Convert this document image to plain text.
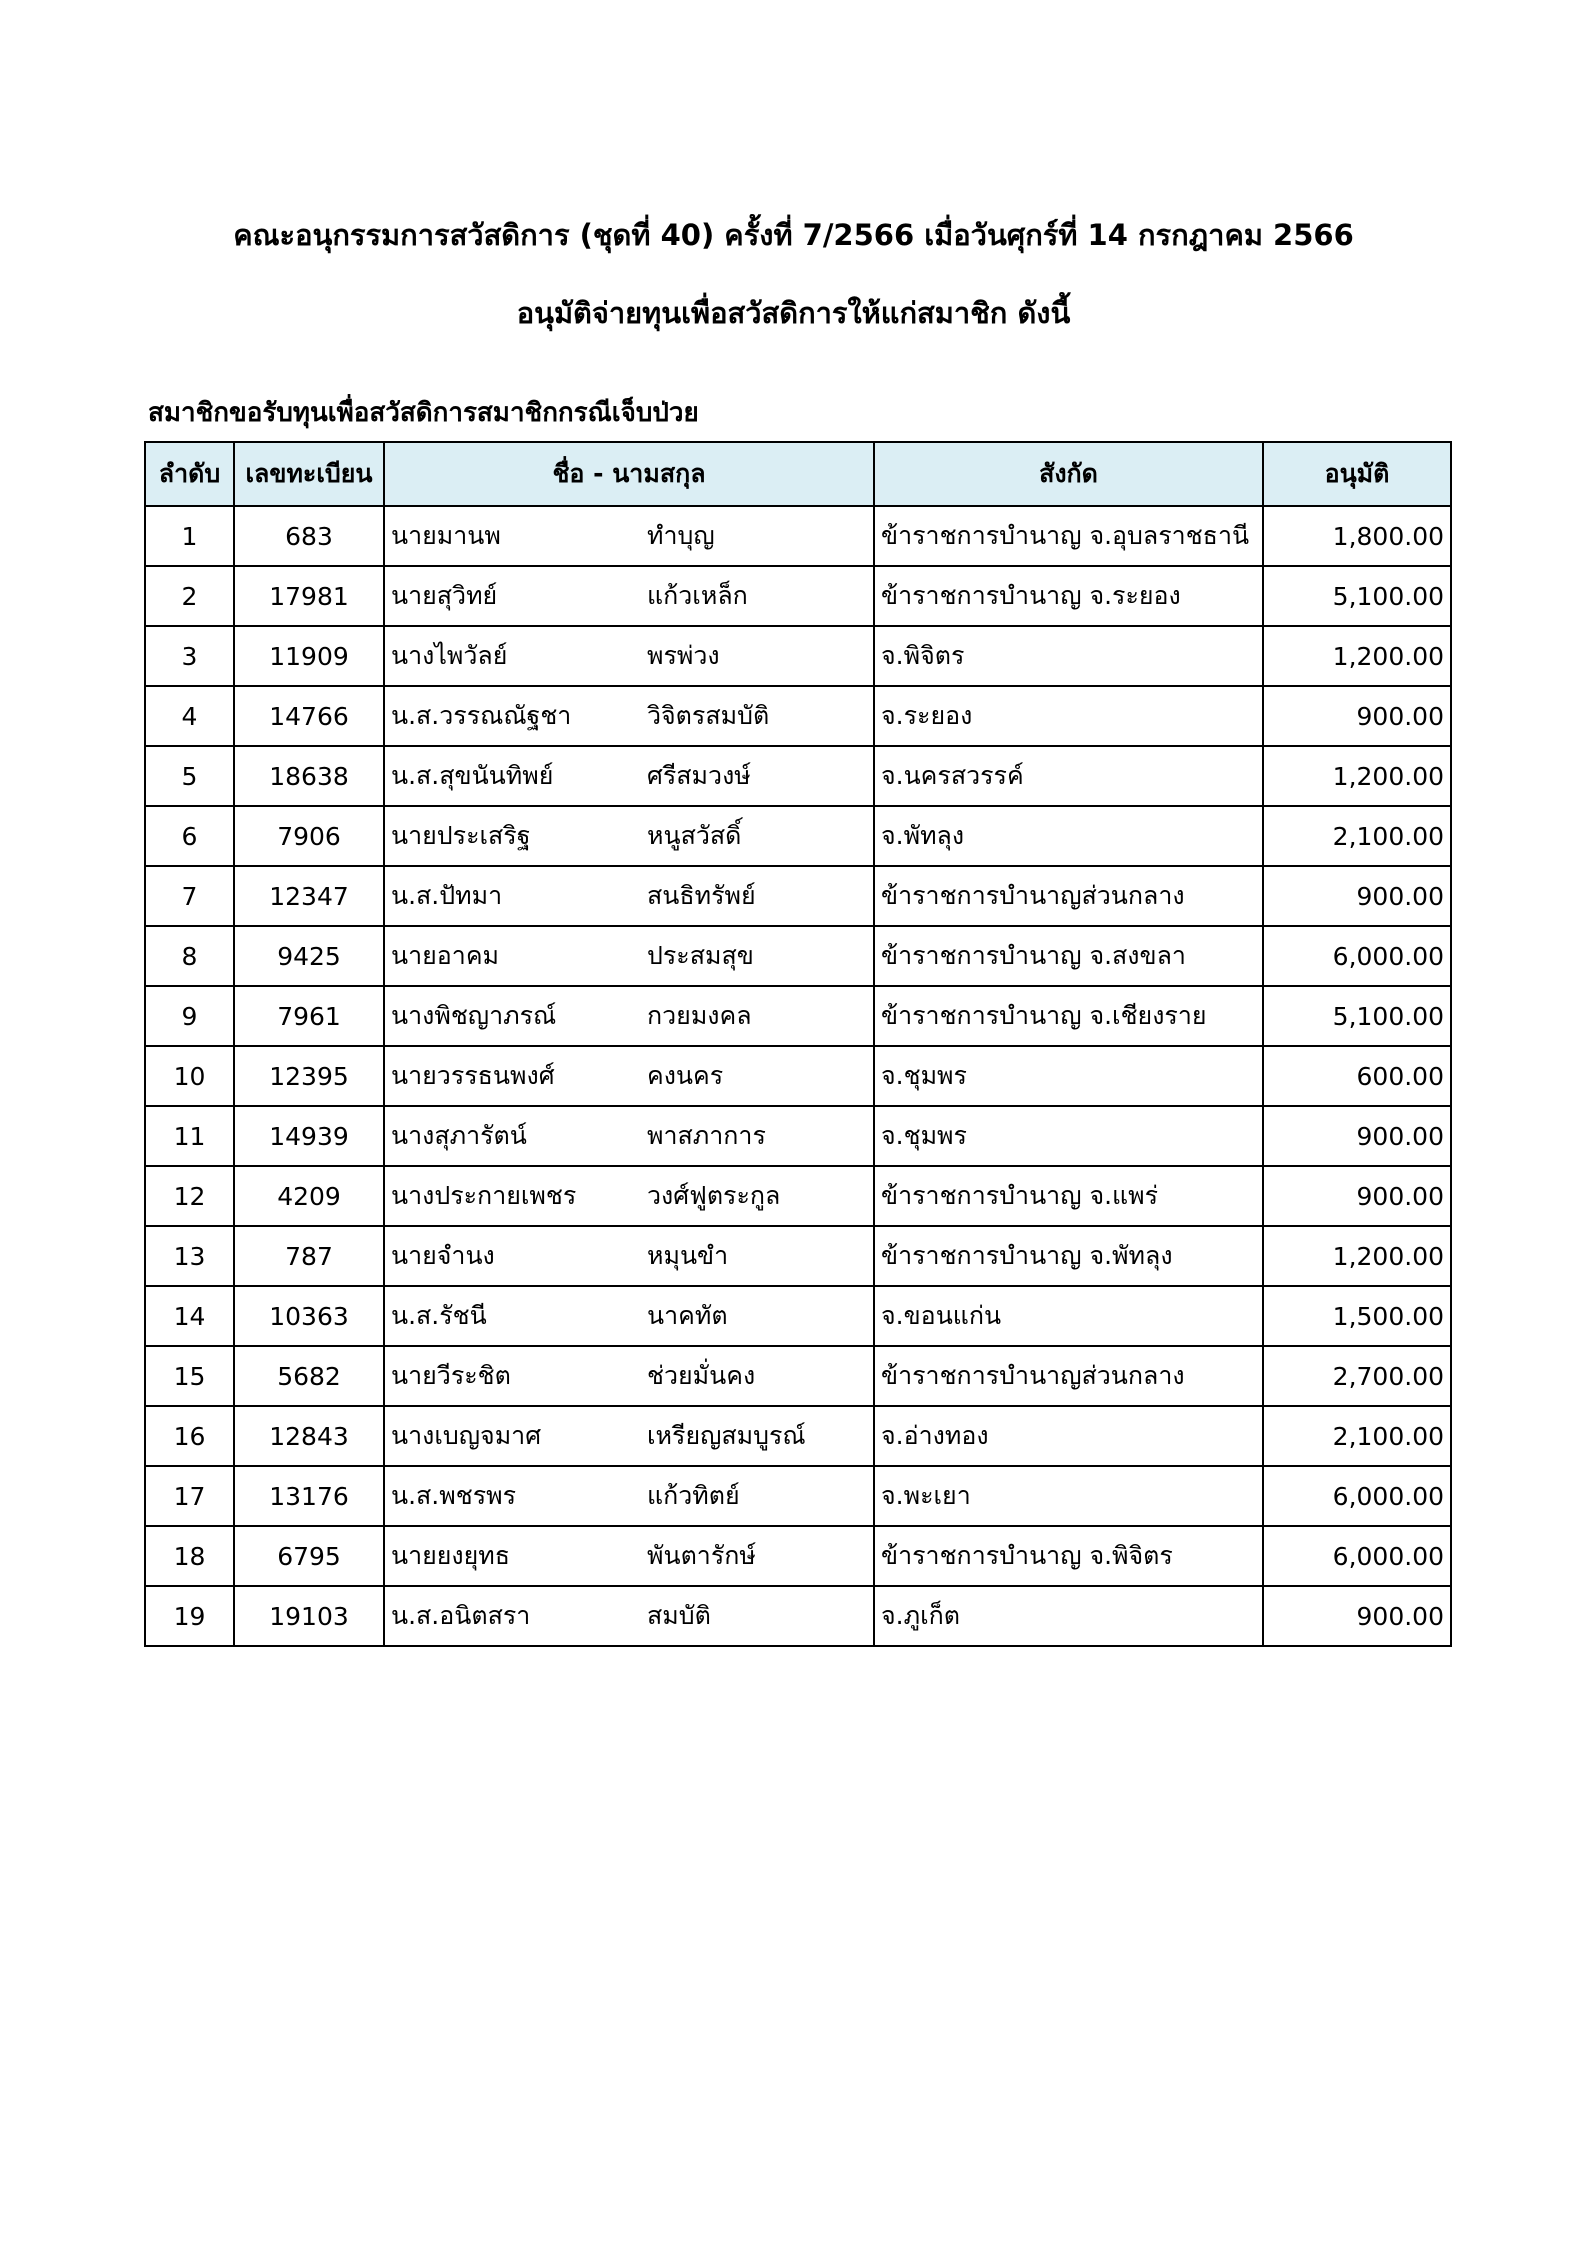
คณะอนุกรรมการสวัสดิการ (ชุดที่ 40) ครั้งที่ 7/2566 เมื่อวันศุกร์ที่ 14 กรกฎาคม 2566
อนุมัติจ่ายทุนเพื่อสวัสดิการให้แก่สมาชิก ดังนี้
สมาชิกขอรับทุนเพื่อสวัสดิการสมาชิกกรณีเจ็บป่วย
ลำดับ	เลขทะเบียน	ชื่อ - นามสกุล	สังกัด	อนุมัติ
1	683	นายมานพ ทำบุญ	ข้าราชการบำนาญ จ.อุบลราชธานี	1,800.00
2	17981	นายสุวิทย์ แก้วเหล็ก	ข้าราชการบำนาญ จ.ระยอง	5,100.00
3	11909	นางไพวัลย์ พรพ่วง	จ.พิจิตร	1,200.00
4	14766	น.ส.วรรณณัฐชา วิจิตรสมบัติ	จ.ระยอง	900.00
5	18638	น.ส.สุขนันทิพย์ ศรีสมวงษ์	จ.นครสวรรค์	1,200.00
6	7906	นายประเสริฐ หนูสวัสดิ์	จ.พัทลุง	2,100.00
7	12347	น.ส.ปัทมา สนธิทรัพย์	ข้าราชการบำนาญส่วนกลาง	900.00
8	9425	นายอาคม ประสมสุข	ข้าราชการบำนาญ จ.สงขลา	6,000.00
9	7961	นางพิชญาภรณ์ กวยมงคล	ข้าราชการบำนาญ จ.เชียงราย	5,100.00
10	12395	นายวรรธนพงศ์ คงนคร	จ.ชุมพร	600.00
11	14939	นางสุภารัตน์ พาสภาการ	จ.ชุมพร	900.00
12	4209	นางประกายเพชร วงศ์ฟูตระกูล	ข้าราชการบำนาญ จ.แพร่	900.00
13	787	นายจำนง หมุนขำ	ข้าราชการบำนาญ จ.พัทลุง	1,200.00
14	10363	น.ส.รัชนี นาคทัต	จ.ขอนแก่น	1,500.00
15	5682	นายวีระชิต ช่วยมั่นคง	ข้าราชการบำนาญส่วนกลาง	2,700.00
16	12843	นางเบญจมาศ เหรียญสมบูรณ์	จ.อ่างทอง	2,100.00
17	13176	น.ส.พชรพร แก้วทิตย์	จ.พะเยา	6,000.00
18	6795	นายยงยุทธ พันตารักษ์	ข้าราชการบำนาญ จ.พิจิตร	6,000.00
19	19103	น.ส.อนิตสรา สมบัติ	จ.ภูเก็ต	900.00
